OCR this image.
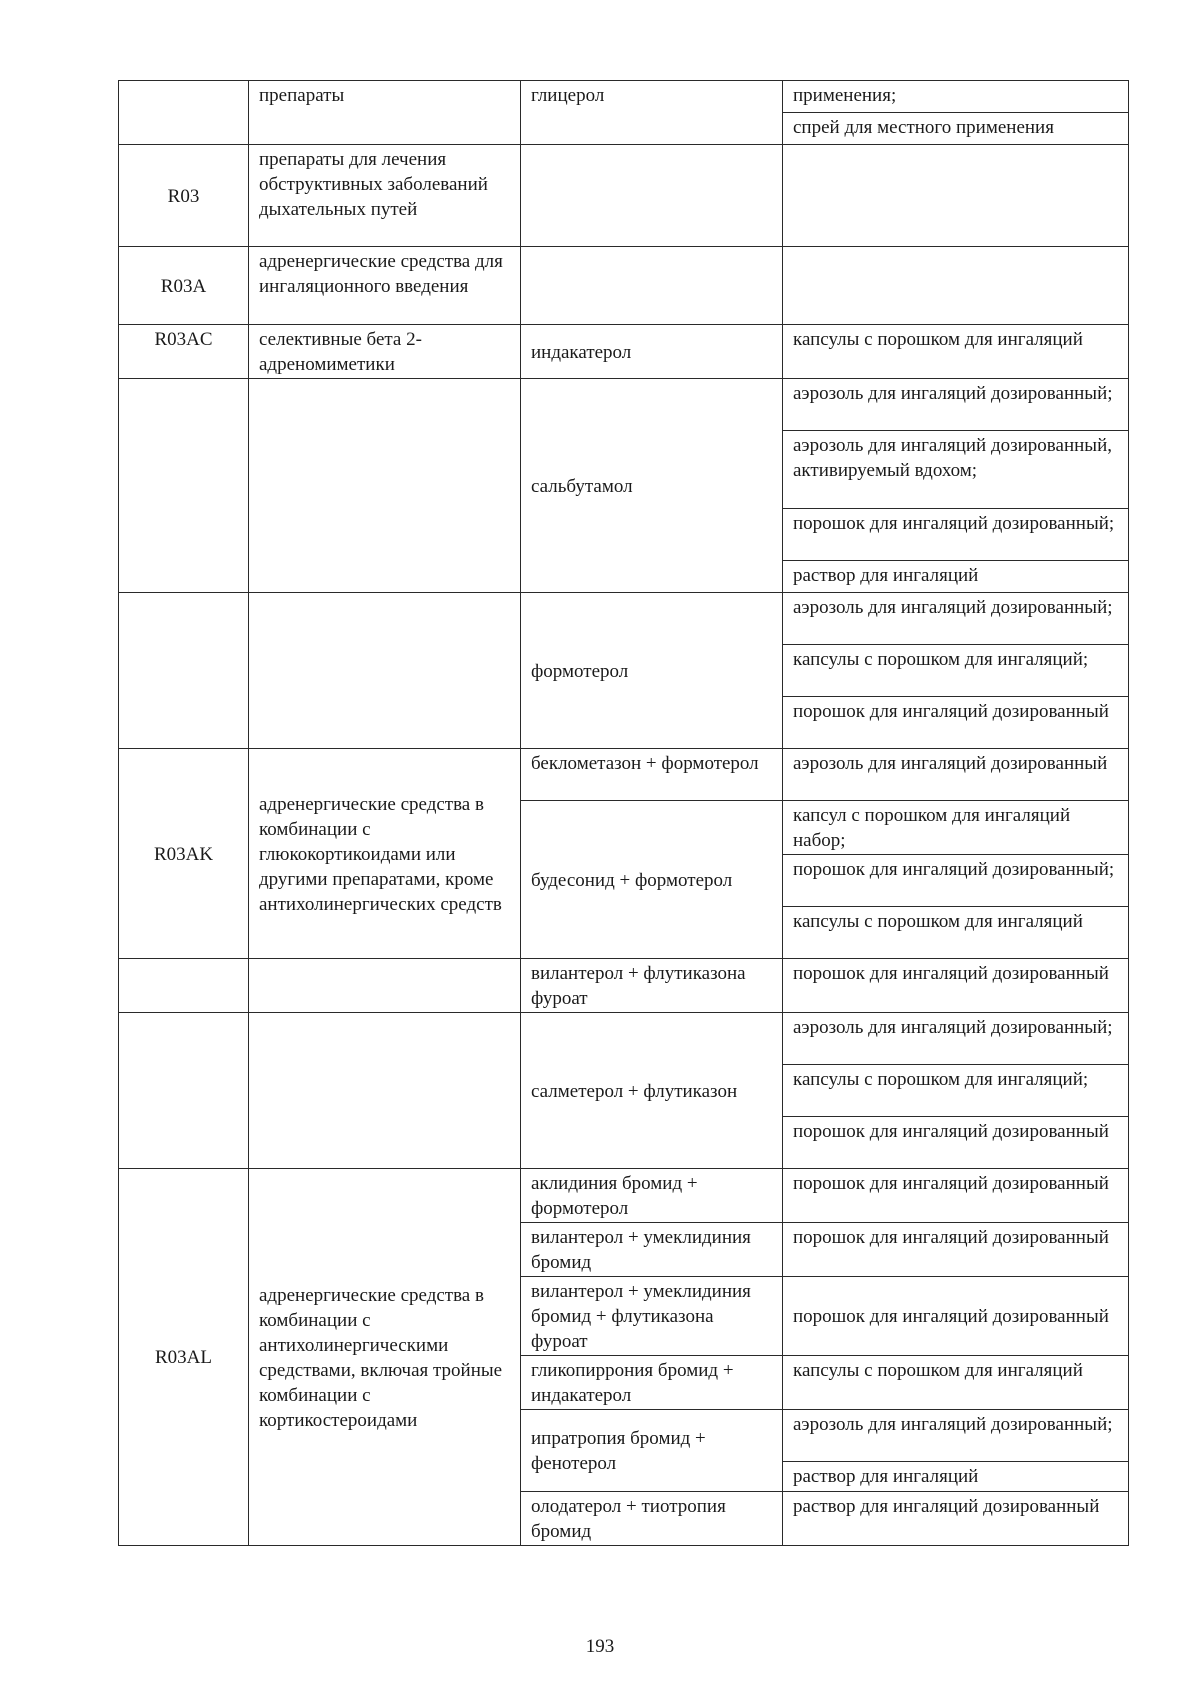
	препараты	глицерол	применения;
			спрей для местного применения
R03	препараты для лечения обструктивных заболеваний дыхательных путей		
R03A	адренергические средства для ингаляционного введения		
R03AC	селективные бета 2-адреномиметики	индакатерол	капсулы с порошком для ингаляций
		сальбутамол	аэрозоль для ингаляций дозированный;
			аэрозоль для ингаляций дозированный, активируемый вдохом;
			порошок для ингаляций дозированный;
			раствор для ингаляций
		формотерол	аэрозоль для ингаляций дозированный;
			капсулы с порошком для ингаляций;
			порошок для ингаляций дозированный
R03AK	адренергические средства в комбинации с глюкокортикоидами или другими препаратами, кроме антихолинергических средств	беклометазон + формотерол	аэрозоль для ингаляций дозированный
		будесонид + формотерол	капсул с порошком для ингаляций набор;
			порошок для ингаляций дозированный;
			капсулы с порошком для ингаляций
		вилантерол + флутиказона фуроат	порошок для ингаляций дозированный
		салметерол + флутиказон	аэрозоль для ингаляций дозированный;
			капсулы с порошком для ингаляций;
			порошок для ингаляций дозированный
R03AL	адренергические средства в комбинации с антихолинергическими средствами, включая тройные комбинации с кортикостероидами	аклидиния бромид + формотерол	порошок для ингаляций дозированный
		вилантерол + умеклидиния бромид	порошок для ингаляций дозированный
		вилантерол + умеклидиния бромид + флутиказона фуроат	порошок для ингаляций дозированный
		гликопиррония бромид + индакатерол	капсулы с порошком для ингаляций
		ипратропия бромид + фенотерол	аэрозоль для ингаляций дозированный;
			раствор для ингаляций
		олодатерол + тиотропия бромид	раствор для ингаляций дозированный
193
